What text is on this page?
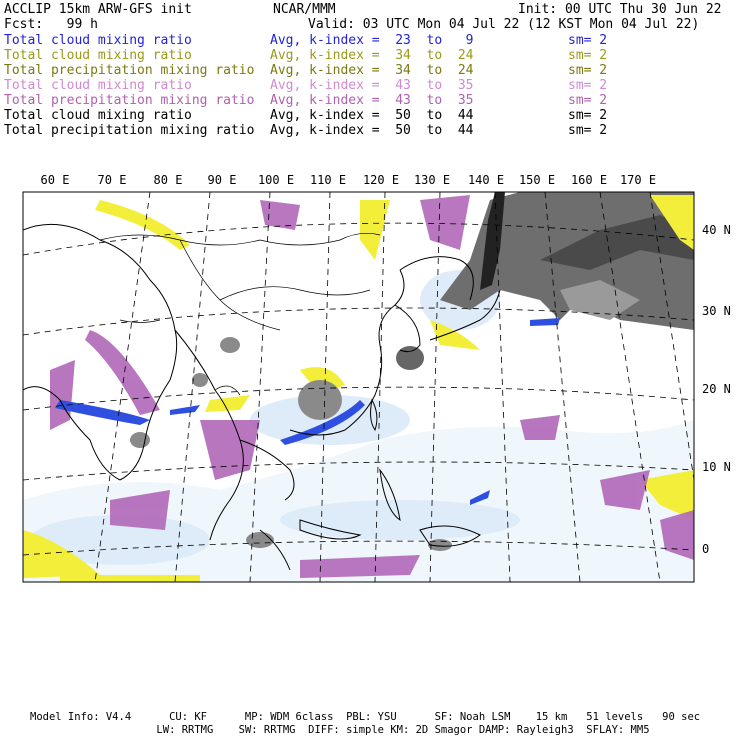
ACCLIP 15km ARW-GFS init	NCAR/MMM	Init: 00 UTC Thu 30 Jun 22
Fcst:   99 h	Valid: 03 UTC Mon 04 Jul 22 (12 KST Mon 04 Jul 22)
Total cloud mixing ratio	Avg, k-index =  23  to   9	sm= 2
Total cloud mixing ratio	Avg, k-index =  34  to  24	sm= 2
Total precipitation mixing ratio Avg, k-index =  34  to  24	sm= 2
Total cloud mixing ratio	Avg, k-index =  43  to  35	sm= 2
Total precipitation mixing ratio Avg, k-index =  43  to  35	sm= 2
Total cloud mixing ratio	Avg, k-index =  50  to  44	sm= 2
Total precipitation mixing ratio Avg, k-index =  50  to  44	sm= 2
60 E 70 E 80 E 90 E 100 E 110 E 120 E 130 E 140 E 150 E 160 E 170 E
40 N
30 N
20 N
10 N
0
Model Info: V4.4      CU: KF      MP: WDM 6class  PBL: YSU      SF: Noah LSM    15 km   51 levels   90 sec
LW: RRTMG    SW: RRTMG  DIFF: simple KM: 2D Smagor DAMP: Rayleigh3  SFLAY: MM5
